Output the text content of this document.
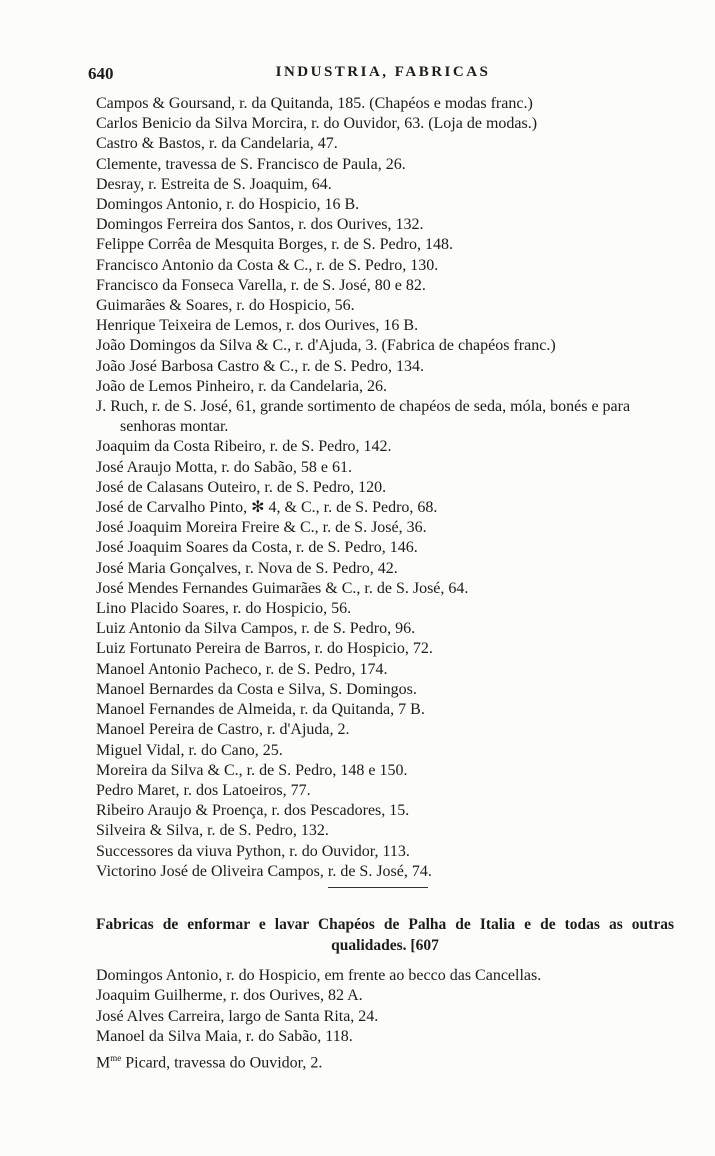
640	INDUSTRIA, FABRICAS
Campos & Goursand, r. da Quitanda, 185. (Chapéos e modas franc.)
Carlos Benicio da Silva Morcira, r. do Ouvidor, 63. (Loja de modas.)
Castro & Bastos, r. da Candelaria, 47.
Clemente, travessa de S. Francisco de Paula, 26.
Desray, r. Estreita de S. Joaquim, 64.
Domingos Antonio, r. do Hospicio, 16 B.
Domingos Ferreira dos Santos, r. dos Ourives, 132.
Felippe Corrêa de Mesquita Borges, r. de S. Pedro, 148.
Francisco Antonio da Costa & C., r. de S. Pedro, 130.
Francisco da Fonseca Varella, r. de S. José, 80 e 82.
Guimarães & Soares, r. do Hospicio, 56.
Henrique Teixeira de Lemos, r. dos Ourives, 16 B.
João Domingos da Silva & C., r. d'Ajuda, 3. (Fabrica de chapéos franc.)
João José Barbosa Castro & C., r. de S. Pedro, 134.
João de Lemos Pinheiro, r. da Candelaria, 26.
J. Ruch, r. de S. José, 61, grande sortimento de chapéos de seda, móla, bonés e para senhoras montar.
Joaquim da Costa Ribeiro, r. de S. Pedro, 142.
José Araujo Motta, r. do Sabão, 58 e 61.
José de Calasans Outeiro, r. de S. Pedro, 120.
José de Carvalho Pinto, ✻ 4, & C., r. de S. Pedro, 68.
José Joaquim Moreira Freire & C., r. de S. José, 36.
José Joaquim Soares da Costa, r. de S. Pedro, 146.
José Maria Gonçalves, r. Nova de S. Pedro, 42.
José Mendes Fernandes Guimarães & C., r. de S. José, 64.
Lino Placido Soares, r. do Hospicio, 56.
Luiz Antonio da Silva Campos, r. de S. Pedro, 96.
Luiz Fortunato Pereira de Barros, r. do Hospicio, 72.
Manoel Antonio Pacheco, r. de S. Pedro, 174.
Manoel Bernardes da Costa e Silva, S. Domingos.
Manoel Fernandes de Almeida, r. da Quitanda, 7 B.
Manoel Pereira de Castro, r. d'Ajuda, 2.
Miguel Vidal, r. do Cano, 25.
Moreira da Silva & C., r. de S. Pedro, 148 e 150.
Pedro Maret, r. dos Latoeiros, 77.
Ribeiro Araujo & Proença, r. dos Pescadores, 15.
Silveira & Silva, r. de S. Pedro, 132.
Successores da viuva Python, r. do Ouvidor, 113.
Victorino José de Oliveira Campos, r. de S. José, 74.
Fabricas de enformar e lavar Chapéos de Palha de Italia e de todas as outras qualidades. [607
Domingos Antonio, r. do Hospicio, em frente ao becco das Cancellas.
Joaquim Guilherme, r. dos Ourives, 82 A.
José Alves Carreira, largo de Santa Rita, 24.
Manoel da Silva Maia, r. do Sabão, 118.
$M^{me}$ Picard, travessa do Ouvidor, 2.
